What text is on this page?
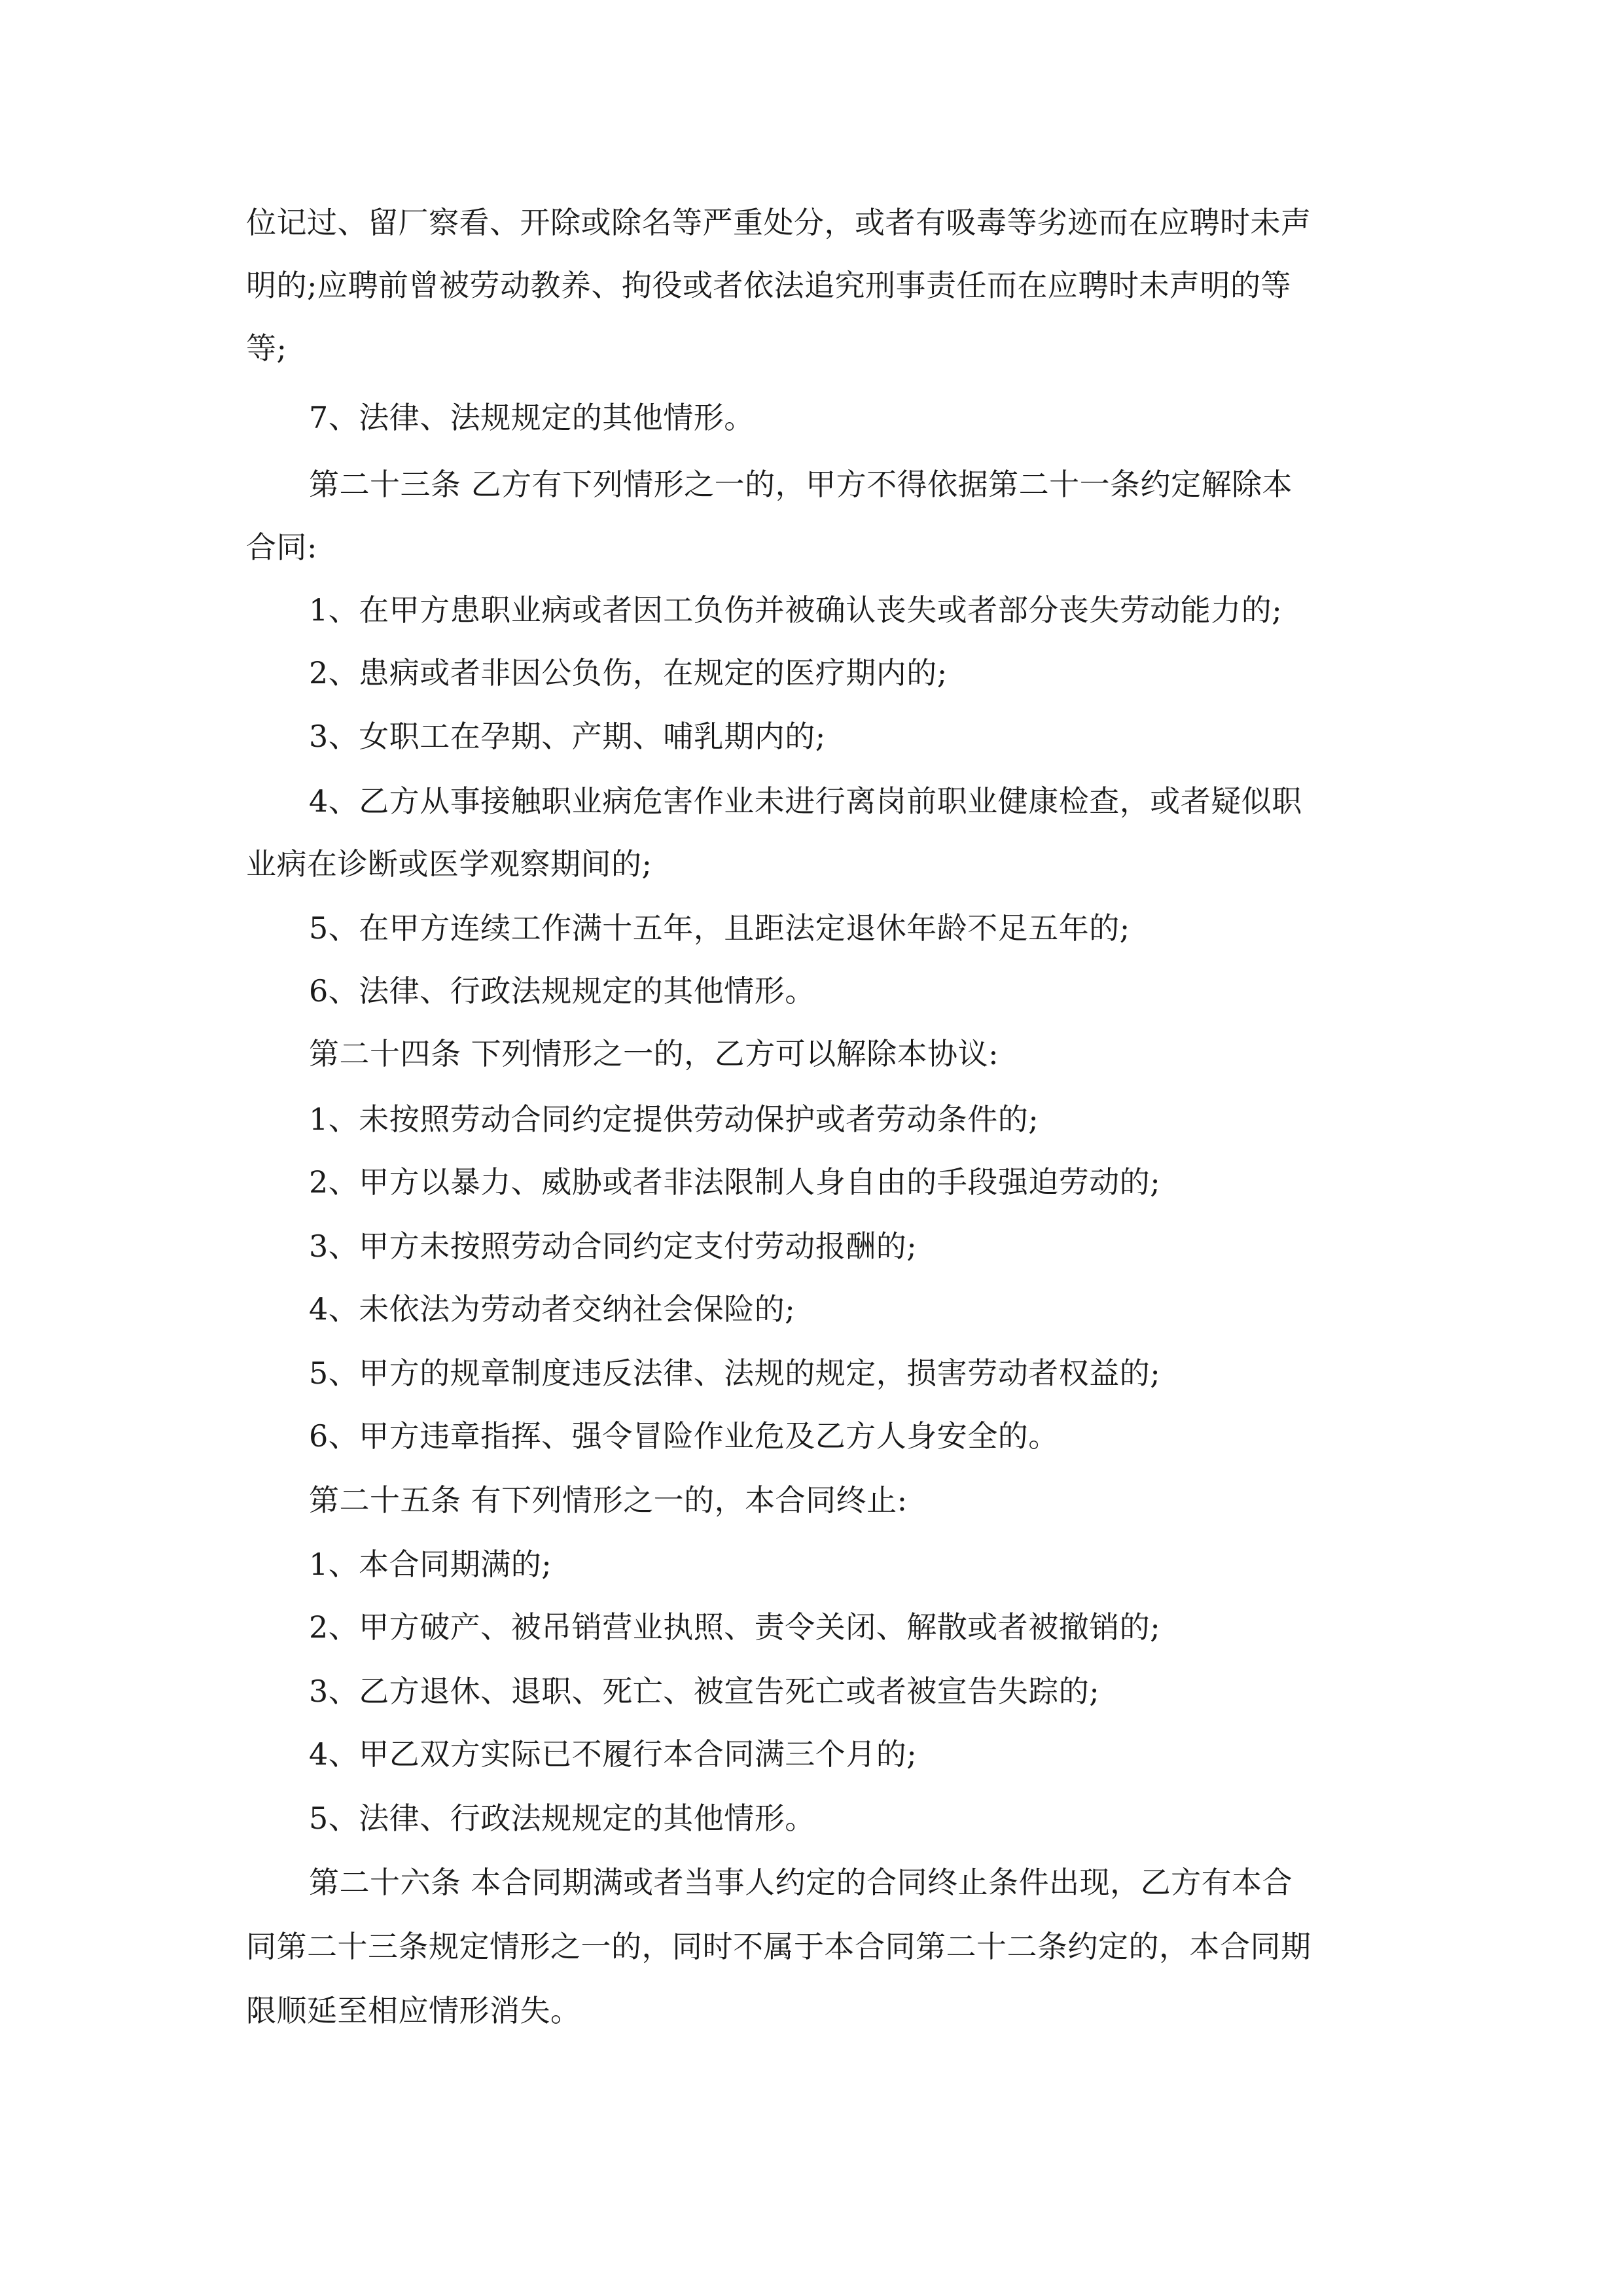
位记过、留厂察看、开除或除名等严重处分，或者有吸毒等劣迹而在应聘时未声
明的;应聘前曾被劳动教养、拘役或者依法追究刑事责任而在应聘时未声明的等
等;
7、法律、法规规定的其他情形。
第二十三条 乙方有下列情形之一的，甲方不得依据第二十一条约定解除本
合同:
1、在甲方患职业病或者因工负伤并被确认丧失或者部分丧失劳动能力的;
2、患病或者非因公负伤，在规定的医疗期内的;
3、女职工在孕期、产期、哺乳期内的;
4、乙方从事接触职业病危害作业未进行离岗前职业健康检查，或者疑似职
业病在诊断或医学观察期间的;
5、在甲方连续工作满十五年，且距法定退休年龄不足五年的;
6、法律、行政法规规定的其他情形。
第二十四条 下列情形之一的，乙方可以解除本协议:
1、未按照劳动合同约定提供劳动保护或者劳动条件的;
2、甲方以暴力、威胁或者非法限制人身自由的手段强迫劳动的;
3、甲方未按照劳动合同约定支付劳动报酬的;
4、未依法为劳动者交纳社会保险的;
5、甲方的规章制度违反法律、法规的规定，损害劳动者权益的;
6、甲方违章指挥、强令冒险作业危及乙方人身安全的。
第二十五条 有下列情形之一的，本合同终止:
1、本合同期满的;
2、甲方破产、被吊销营业执照、责令关闭、解散或者被撤销的;
3、乙方退休、退职、死亡、被宣告死亡或者被宣告失踪的;
4、甲乙双方实际已不履行本合同满三个月的;
5、法律、行政法规规定的其他情形。
第二十六条 本合同期满或者当事人约定的合同终止条件出现，乙方有本合
同第二十三条规定情形之一的，同时不属于本合同第二十二条约定的，本合同期
限顺延至相应情形消失。
